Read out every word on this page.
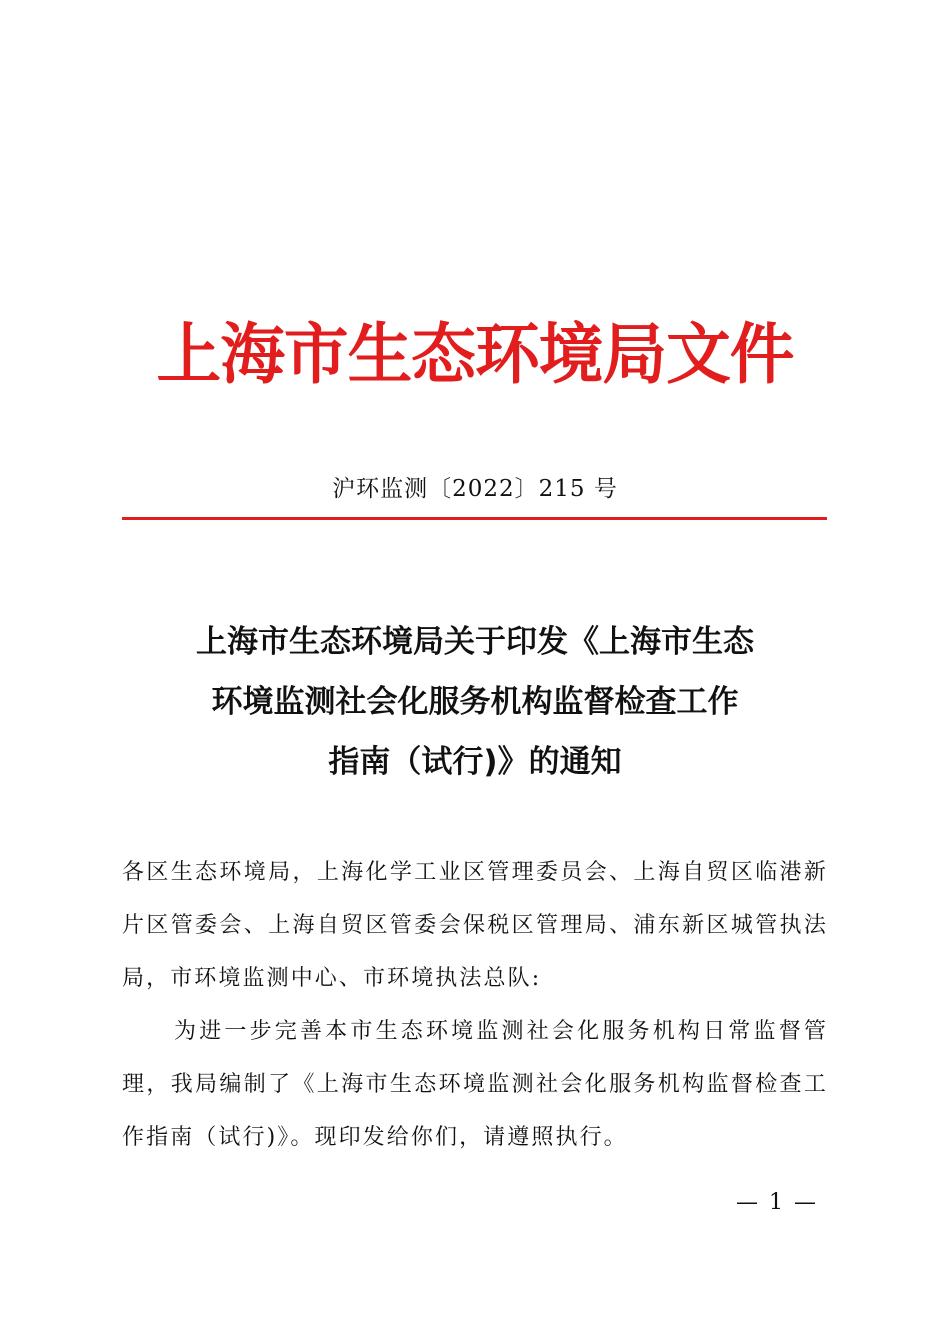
上海市生态环境局文件
沪环监测〔2022〕215 号
上海市生态环境局关于印发《上海市生态
环境监测社会化服务机构监督检查工作
指南（试行)》的通知

各区生态环境局，上海化学工业区管理委员会、上海自贸区临港新片区管委会、上海自贸区管委会保税区管理局、浦东新区城管执法局，市环境监测中心、市环境执法总队:

为进一步完善本市生态环境监测社会化服务机构日常监督管理，我局编制了《上海市生态环境监测社会化服务机构监督检查工作指南（试行)》。现印发给你们，请遵照执行。

— 1 —
